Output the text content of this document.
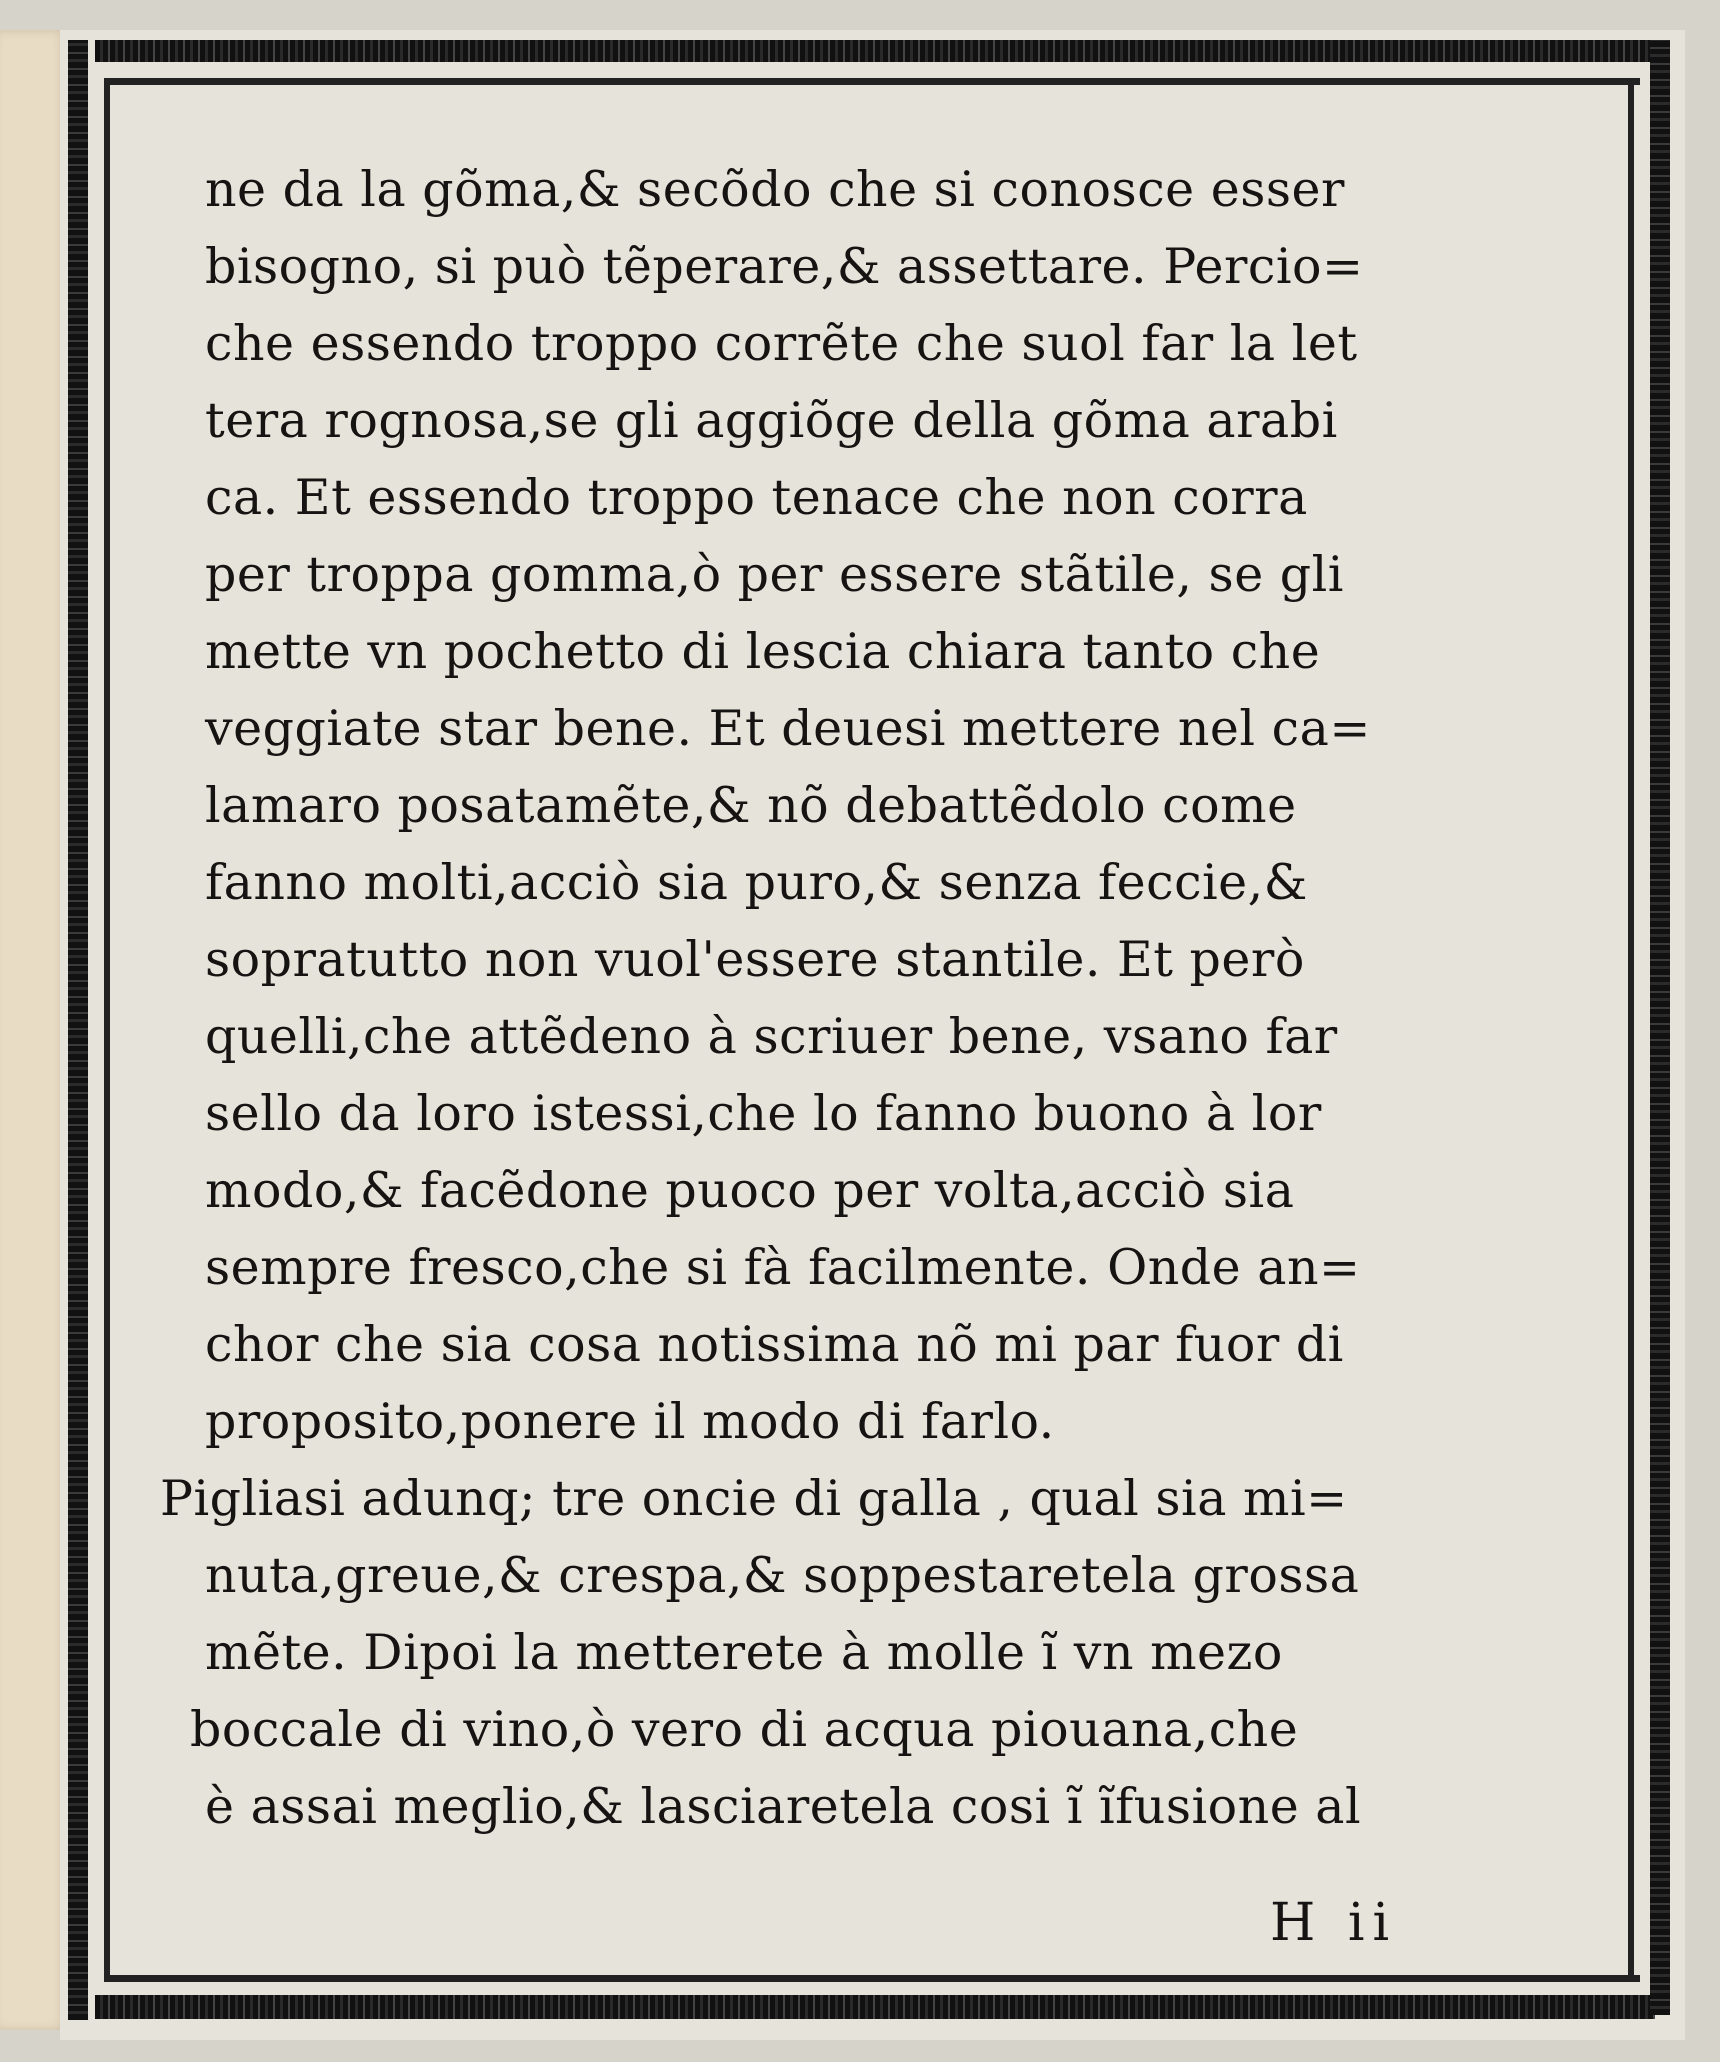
ne da la gõma,& secõdo che si conosce esser
bisogno, si può tẽperare,& assettare. Percio=
che essendo troppo corrẽte che suol far la let
tera rognosa,se gli aggiõge della gõma arabi
ca. Et essendo troppo tenace che non corra
per troppa gomma,ò per essere stãtile, se gli
mette vn pochetto di lescia chiara tanto che
veggiate star bene. Et deuesi mettere nel ca=
lamaro posatamẽte,& nõ debattẽdolo come
fanno molti,acciò sia puro,& senza feccie,&
sopratutto non vuol'essere stantile. Et però
quelli,che attẽdeno à scriuer bene, vsano far
sello da loro istessi,che lo fanno buono à lor
modo,& facẽdone puoco per volta,acciò sia
sempre fresco,che si fà facilmente. Onde an=
chor che sia cosa notissima nõ mi par fuor di
proposito,ponere il modo di farlo.
Pigliasi adunq; tre oncie di galla , qual sia mi=
nuta,greue,& crespa,& soppestaretela grossa
mẽte. Dipoi la metterete à molle ĩ vn mezo
boccale di vino,ò vero di acqua piouana,che
è assai meglio,& lasciaretela cosi ĩ ĩfusione al
H ii
